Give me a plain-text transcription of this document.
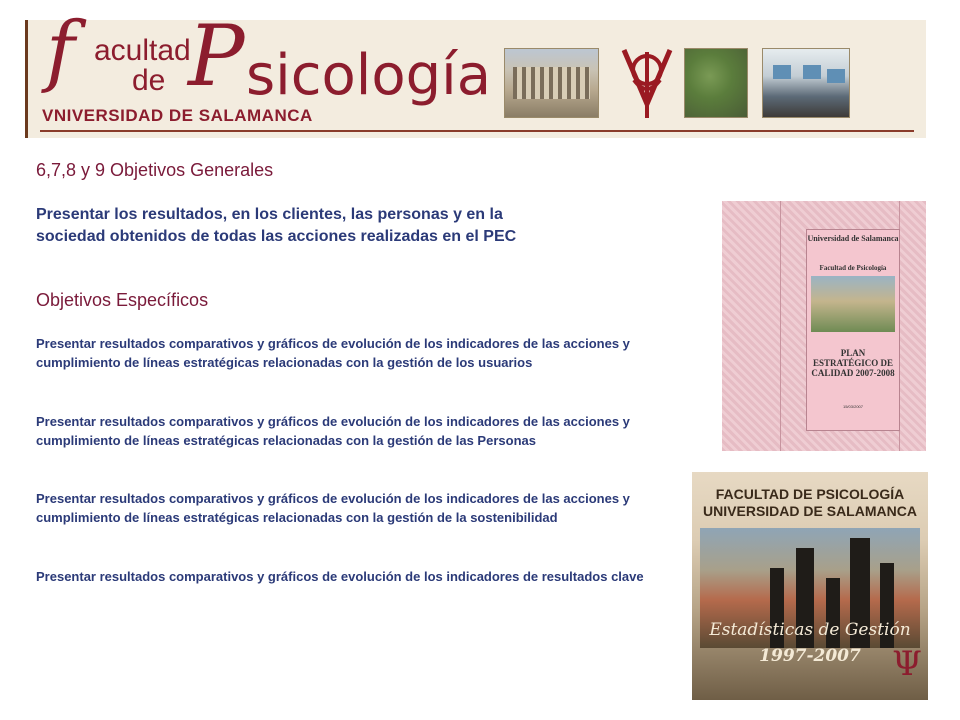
f acultad
de P sicología
VNIVERSIDAD DE SALAMANCA
6,7,8 y 9 Objetivos Generales
Presentar los resultados, en los clientes, las personas y en la sociedad obtenidos de todas las acciones realizadas en el PEC
Objetivos Específicos

Presentar resultados comparativos y gráficos de evolución de los indicadores de las acciones y cumplimiento de líneas estratégicas relacionadas con la gestión de los usuarios

Presentar resultados comparativos y gráficos de evolución de los indicadores de las acciones y cumplimiento de líneas estratégicas relacionadas con la gestión de las Personas

Presentar resultados comparativos y gráficos de evolución de los indicadores de las acciones y cumplimiento de líneas estratégicas relacionadas con la gestión de la sostenibilidad

Presentar resultados comparativos y gráficos de evolución de los indicadores de resultados clave

Universidad de Salamanca
Facultad de Psicología
PLAN ESTRATÉGICO DE CALIDAD 2007-2008
15/03/2007
FACULTAD DE PSICOLOGÍA UNIVERSIDAD DE SALAMANCA
Estadísticas de Gestión
1997-2007 Ψ
